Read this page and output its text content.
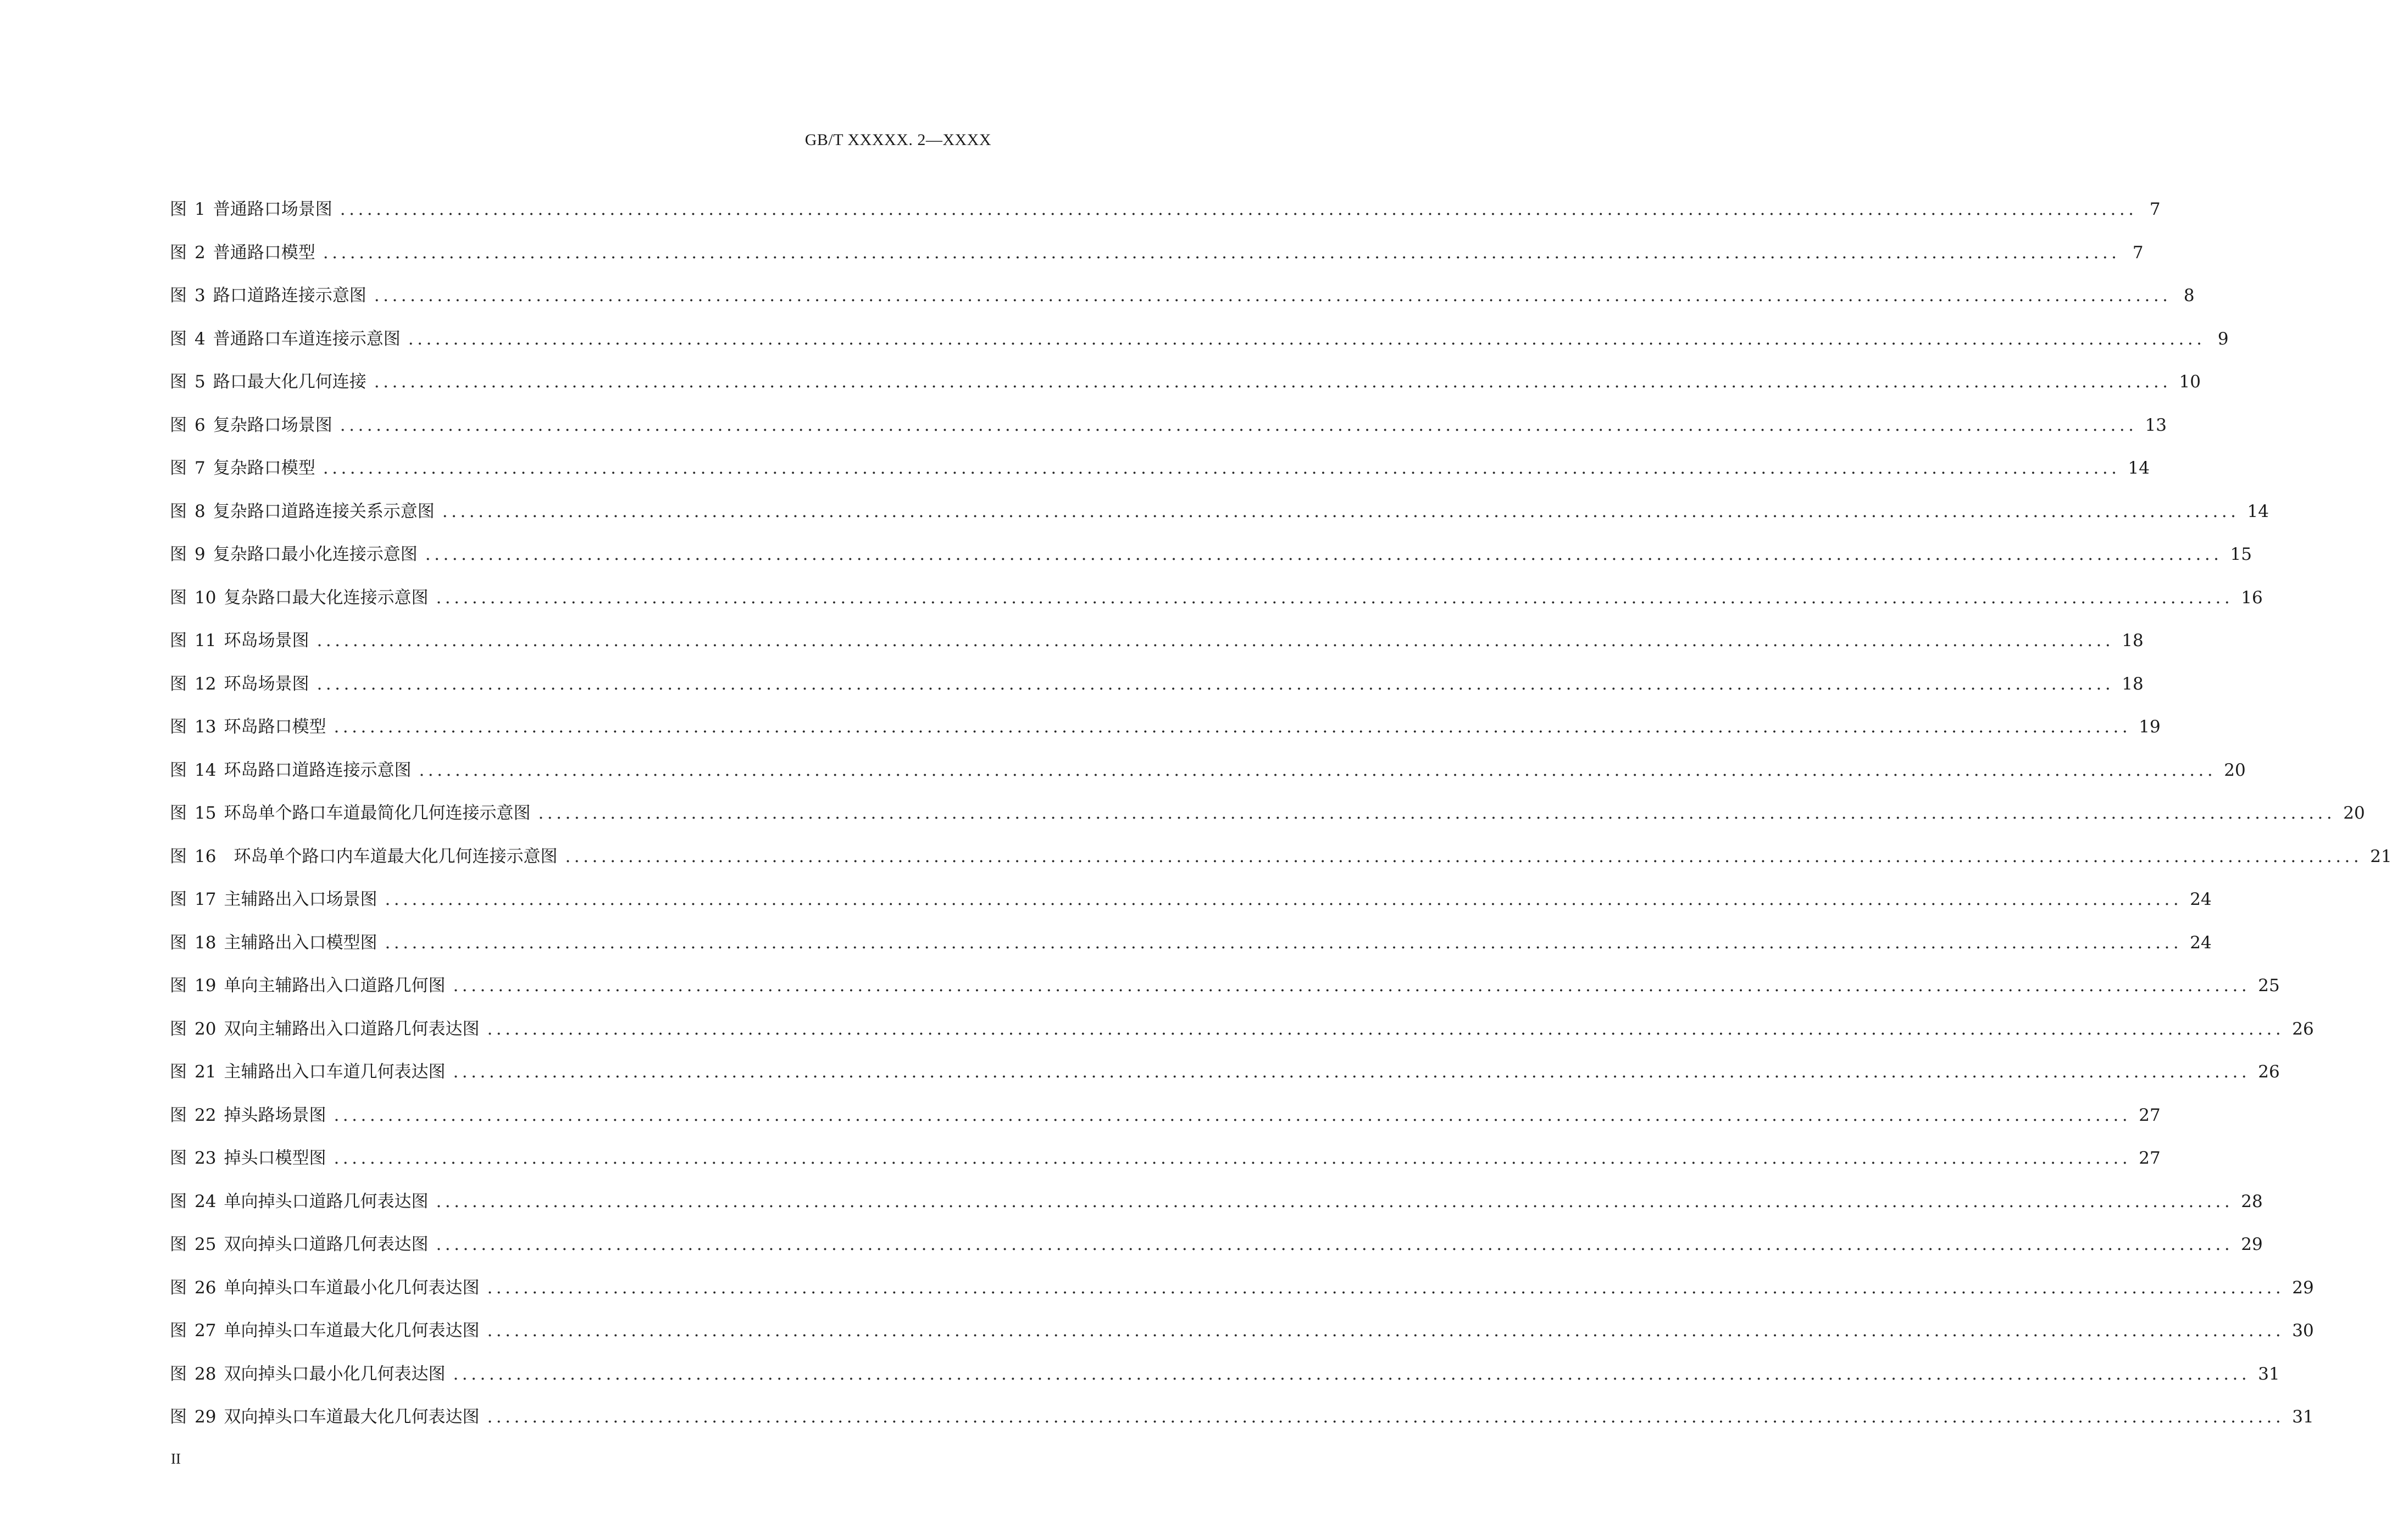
GB/T XXXXX. 2—XXXX
图 1 普通路口场景图 ........................................................................................................................................................................................................ 7
图 2 普通路口模型 ........................................................................................................................................................................................................ 7
图 3 路口道路连接示意图 ........................................................................................................................................................................................................ 8
图 4 普通路口车道连接示意图 ........................................................................................................................................................................................................ 9
图 5 路口最大化几何连接 ........................................................................................................................................................................................................ 10
图 6 复杂路口场景图 ........................................................................................................................................................................................................ 13
图 7 复杂路口模型 ........................................................................................................................................................................................................ 14
图 8 复杂路口道路连接关系示意图 ........................................................................................................................................................................................................ 14
图 9 复杂路口最小化连接示意图 ........................................................................................................................................................................................................ 15
图 10 复杂路口最大化连接示意图 ........................................................................................................................................................................................................ 16
图 11 环岛场景图 ........................................................................................................................................................................................................ 18
图 12 环岛场景图 ........................................................................................................................................................................................................ 18
图 13 环岛路口模型 ........................................................................................................................................................................................................ 19
图 14 环岛路口道路连接示意图 ........................................................................................................................................................................................................ 20
图 15 环岛单个路口车道最简化几何连接示意图 ........................................................................................................................................................................................................ 20
图 16 环岛单个路口内车道最大化几何连接示意图 ........................................................................................................................................................................................................ 21
图 17 主辅路出入口场景图 ........................................................................................................................................................................................................ 24
图 18 主辅路出入口模型图 ........................................................................................................................................................................................................ 24
图 19 单向主辅路出入口道路几何图 ........................................................................................................................................................................................................ 25
图 20 双向主辅路出入口道路几何表达图 ........................................................................................................................................................................................................ 26
图 21 主辅路出入口车道几何表达图 ........................................................................................................................................................................................................ 26
图 22 掉头路场景图 ........................................................................................................................................................................................................ 27
图 23 掉头口模型图 ........................................................................................................................................................................................................ 27
图 24 单向掉头口道路几何表达图 ........................................................................................................................................................................................................ 28
图 25 双向掉头口道路几何表达图 ........................................................................................................................................................................................................ 29
图 26 单向掉头口车道最小化几何表达图 ........................................................................................................................................................................................................ 29
图 27 单向掉头口车道最大化几何表达图 ........................................................................................................................................................................................................ 30
图 28 双向掉头口最小化几何表达图 ........................................................................................................................................................................................................ 31
图 29 双向掉头口车道最大化几何表达图 ........................................................................................................................................................................................................ 31
II
